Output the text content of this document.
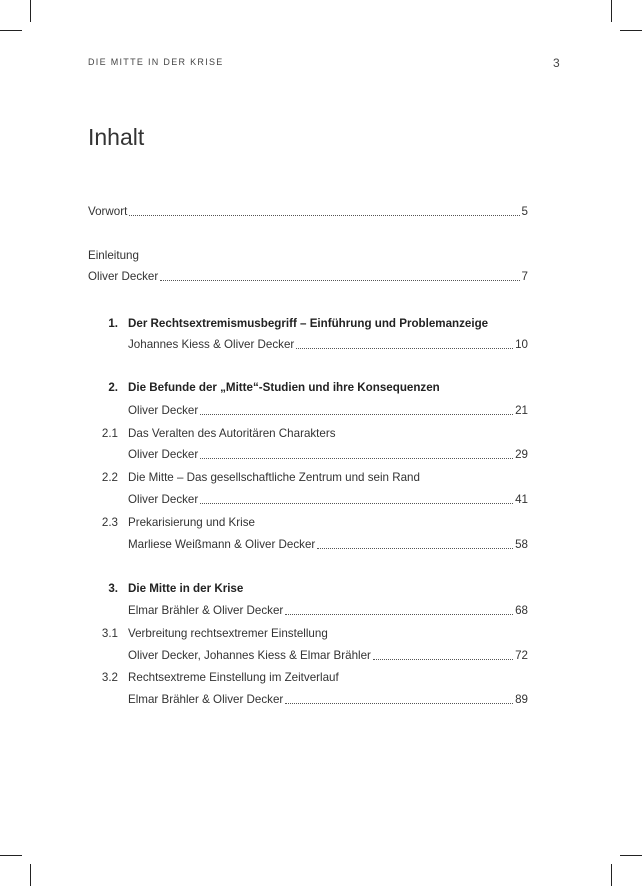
DIE MITTE IN DER KRISE	3
Inhalt
Vorwort	5
Einleitung
Oliver Decker	7
1. Der Rechtsextremismusbegriff – Einführung und Problemanzeige
Johannes Kiess & Oliver Decker	10
2. Die Befunde der „Mitte“-Studien und ihre Konsequenzen
Oliver Decker	21
2.1 Das Veralten des Autoritären Charakters
Oliver Decker	29
2.2 Die Mitte – Das gesellschaftliche Zentrum und sein Rand
Oliver Decker	41
2.3 Prekarisierung und Krise
Marliese Weißmann & Oliver Decker	58
3. Die Mitte in der Krise
Elmar Brähler & Oliver Decker	68
3.1 Verbreitung rechtsextremer Einstellung
Oliver Decker, Johannes Kiess & Elmar Brähler	72
3.2 Rechtsextreme Einstellung im Zeitverlauf
Elmar Brähler & Oliver Decker	89
